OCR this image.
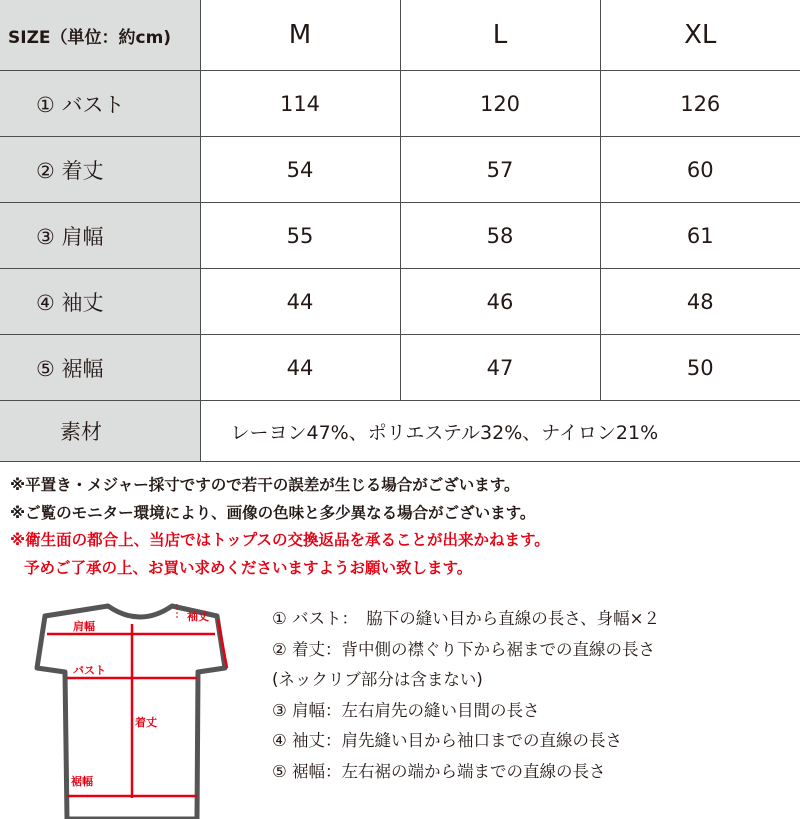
SIZE（単位：約cm)	M	L	XL
① バスト	114	120	126
② 着丈	54	57	60
③ 肩幅	55	58	61
④ 袖丈	44	46	48
⑤ 裾幅	44	47	50
素材	レーヨン47%、ポリエステル32%、ナイロン21%		
※平置き・メジャー採寸ですので若干の誤差が生じる場合がございます。
※ご覧のモニター環境により、画像の色味と多少異なる場合がございます。
※衛生面の都合上、当店ではトップスの交換返品を承ることが出来かねます。
予めご了承の上、お買い求めくださいますようお願い致します。
肩幅
袖丈
バスト
着丈
裾幅
① バスト：　脇下の縫い目から直線の長さ、身幅×２
② 着丈：背中側の襟ぐり下から裾までの直線の長さ
(ネックリブ部分は含まない)
③ 肩幅：左右肩先の縫い目間の長さ
④ 袖丈：肩先縫い目から袖口までの直線の長さ
⑤ 裾幅：左右裾の端から端までの直線の長さ
